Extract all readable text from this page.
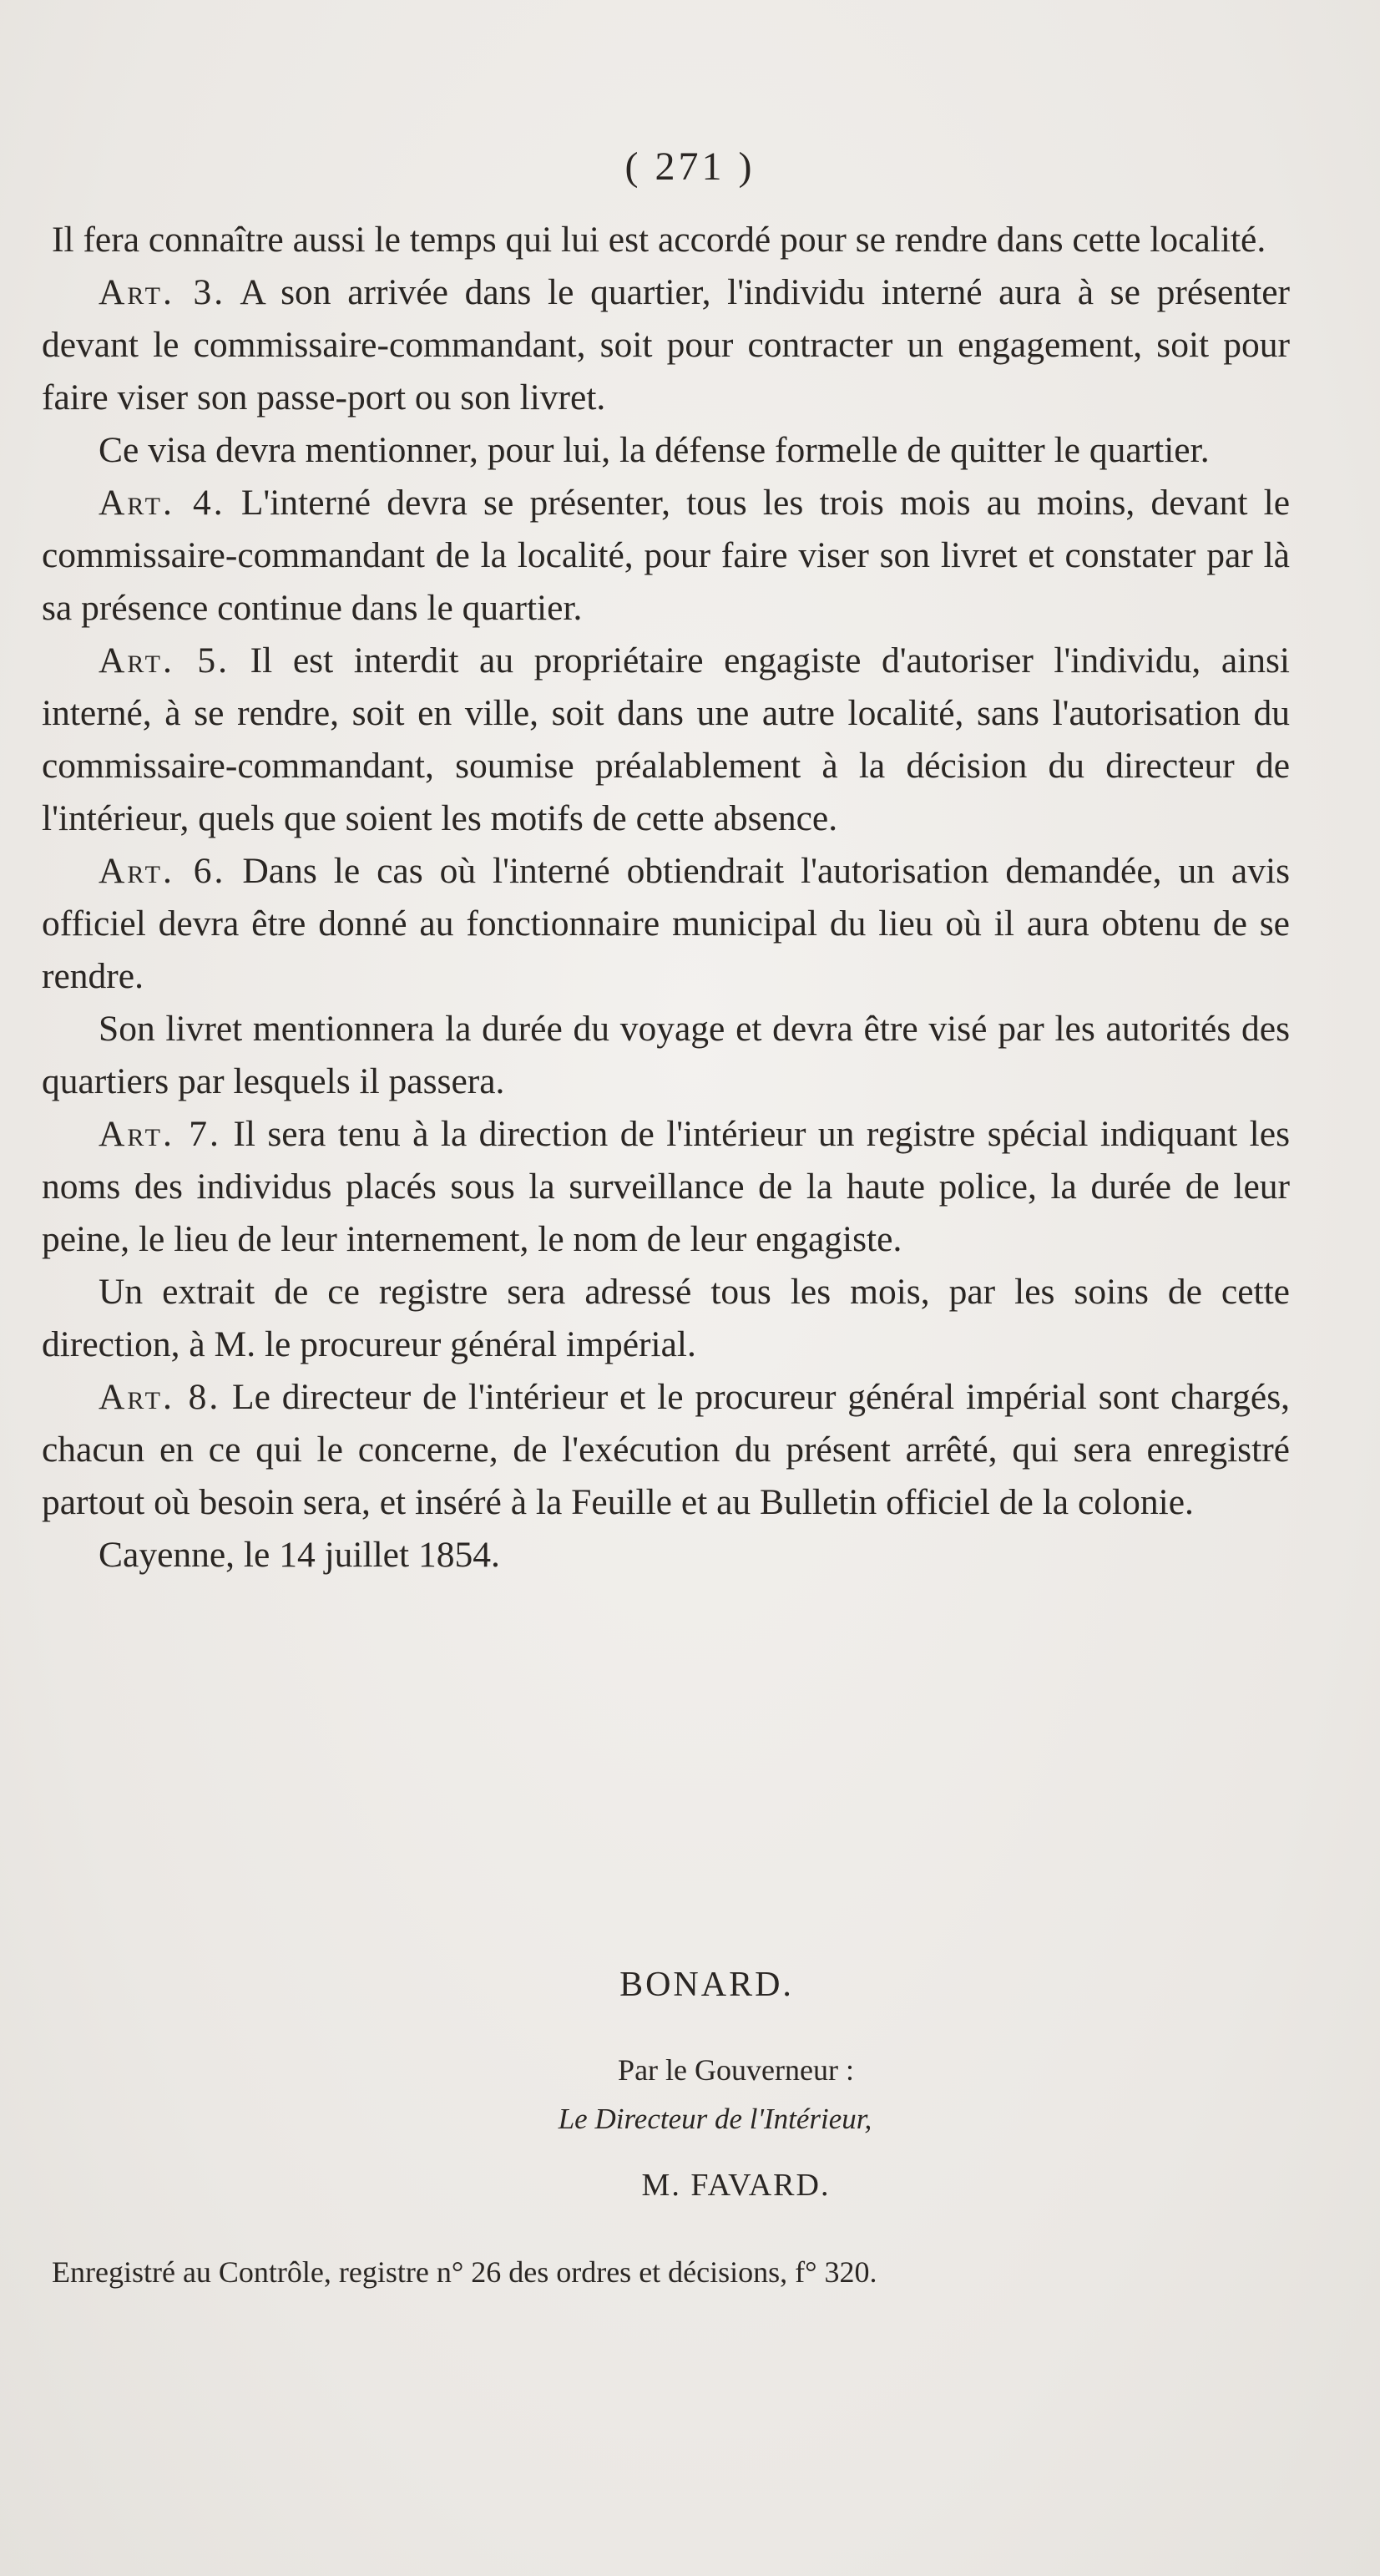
( 271 )

Il fera connaître aussi le temps qui lui est accordé pour se rendre dans cette localité.

Art. 3. A son arrivée dans le quartier, l'individu interné aura à se présenter devant le commissaire-commandant, soit pour contracter un engagement, soit pour faire viser son passe-port ou son livret.

Ce visa devra mentionner, pour lui, la défense formelle de quitter le quartier.

Art. 4. L'interné devra se présenter, tous les trois mois au moins, devant le commissaire-commandant de la localité, pour faire viser son livret et constater par là sa présence continue dans le quartier.

Art. 5. Il est interdit au propriétaire engagiste d'autoriser l'individu, ainsi interné, à se rendre, soit en ville, soit dans une autre localité, sans l'autorisation du commissaire-commandant, soumise préalablement à la décision du directeur de l'intérieur, quels que soient les motifs de cette absence.

Art. 6. Dans le cas où l'interné obtiendrait l'autorisation demandée, un avis officiel devra être donné au fonctionnaire municipal du lieu où il aura obtenu de se rendre.

Son livret mentionnera la durée du voyage et devra être visé par les autorités des quartiers par lesquels il passera.

Art. 7. Il sera tenu à la direction de l'intérieur un registre spécial indiquant les noms des individus placés sous la surveillance de la haute police, la durée de leur peine, le lieu de leur internement, le nom de leur engagiste.

Un extrait de ce registre sera adressé tous les mois, par les soins de cette direction, à M. le procureur général impérial.

Art. 8. Le directeur de l'intérieur et le procureur général impérial sont chargés, chacun en ce qui le concerne, de l'exécution du présent arrêté, qui sera enregistré partout où besoin sera, et inséré à la Feuille et au Bulletin officiel de la colonie.

Cayenne, le 14 juillet 1854.

BONARD.
Par le Gouverneur :
Le Directeur de l'Intérieur,
M. FAVARD.
Enregistré au Contrôle, registre n° 26 des ordres et décisions, f° 320.
